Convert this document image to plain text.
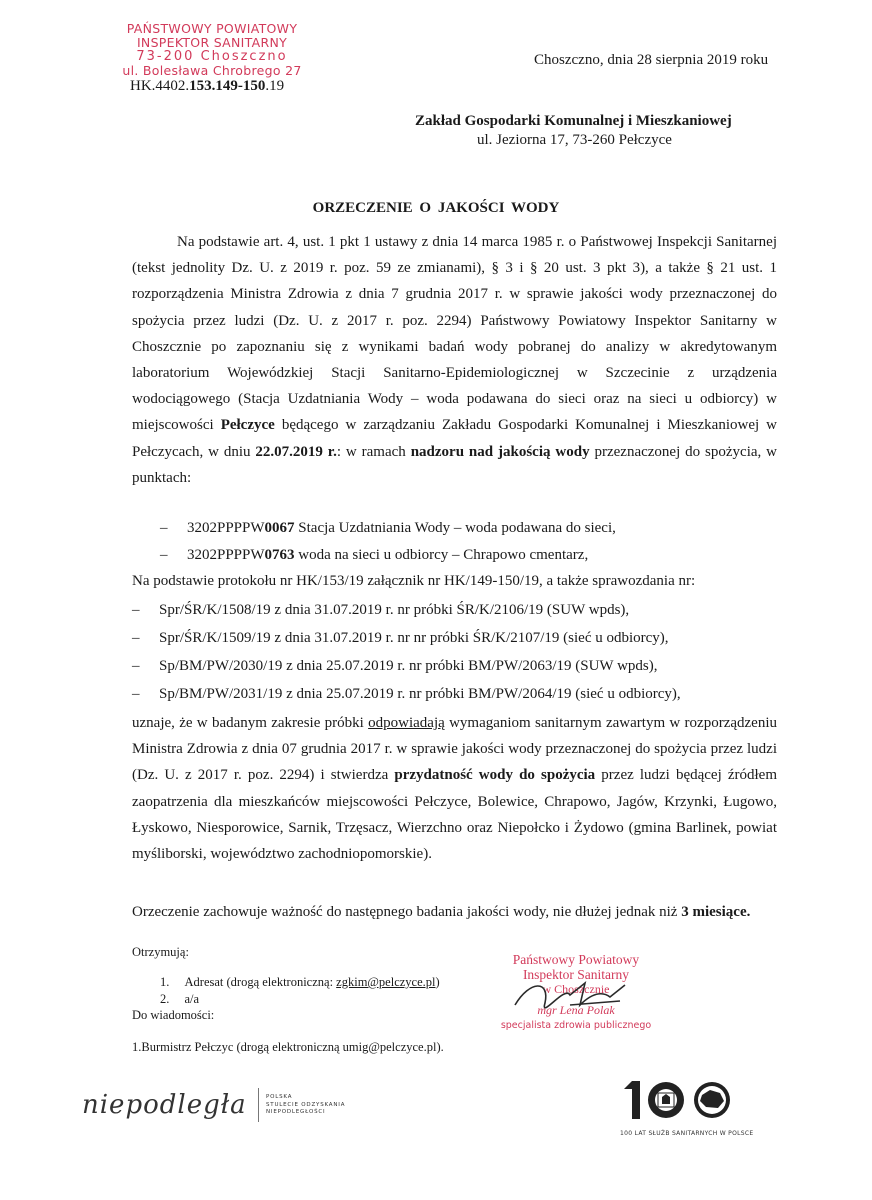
PAŃSTWOWY POWIATOWY
INSPEKTOR SANITARNY
73-200 Choszczno
ul. Bolesława Chrobrego 27
HK.4402.153.149-150.19
Choszczno, dnia 28 sierpnia 2019 roku
Zakład Gospodarki Komunalnej i Mieszkaniowej
ul. Jeziorna 17, 73-260 Pełczyce
ORZECZENIE O JAKOŚCI WODY
Na podstawie art. 4, ust. 1 pkt 1 ustawy z dnia 14 marca 1985 r. o Państwowej Inspekcji Sanitarnej (tekst jednolity Dz. U. z 2019 r. poz. 59 ze zmianami), § 3 i § 20 ust. 3 pkt 3), a także § 21 ust. 1 rozporządzenia Ministra Zdrowia z dnia 7 grudnia 2017 r. w sprawie jakości wody przeznaczonej do spożycia przez ludzi (Dz. U. z 2017 r. poz. 2294) Państwowy Powiatowy Inspektor Sanitarny w Choszcznie po zapoznaniu się z wynikami badań wody pobranej do analizy w akredytowanym laboratorium Wojewódzkiej Stacji Sanitarno-Epidemiologicznej w Szczecinie z urządzenia wodociągowego (Stacja Uzdatniania Wody – woda podawana do sieci oraz na sieci u odbiorcy) w miejscowości Pełczyce będącego w zarządzaniu Zakładu Gospodarki Komunalnej i Mieszkaniowej w Pełczycach, w dniu 22.07.2019 r.: w ramach nadzoru nad jakością wody przeznaczonej do spożycia, w punktach:
– 3202PPPPW0067 Stacja Uzdatniania Wody – woda podawana do sieci,
– 3202PPPPW0763 woda na sieci u odbiorcy – Chrapowo cmentarz,
Na podstawie protokołu nr HK/153/19 załącznik nr HK/149-150/19, a także sprawozdania nr:
– Spr/ŚR/K/1508/19 z dnia 31.07.2019 r. nr próbki ŚR/K/2106/19 (SUW wpds),
– Spr/ŚR/K/1509/19 z dnia 31.07.2019 r. nr nr próbki ŚR/K/2107/19 (sieć u odbiorcy),
– Sp/BM/PW/2030/19 z dnia 25.07.2019 r. nr próbki BM/PW/2063/19 (SUW wpds),
– Sp/BM/PW/2031/19 z dnia 25.07.2019 r. nr próbki BM/PW/2064/19 (sieć u odbiorcy),
uznaje, że w badanym zakresie próbki odpowiadają wymaganiom sanitarnym zawartym w rozporządzeniu Ministra Zdrowia z dnia 07 grudnia 2017 r. w sprawie jakości wody przeznaczonej do spożycia przez ludzi (Dz. U. z 2017 r. poz. 2294) i stwierdza przydatność wody do spożycia przez ludzi będącej źródłem zaopatrzenia dla mieszkańców miejscowości Pełczyce, Bolewice, Chrapowo, Jagów, Krzynki, Ługowo, Łyskowo, Niesporowice, Sarnik, Trzęsacz, Wierzchno oraz Niepołcko i Żydowo (gmina Barlinek, powiat myśliborski, województwo zachodniopomorskie).
Orzeczenie zachowuje ważność do następnego badania jakości wody, nie dłużej jednak niż 3 miesiące.
Otrzymują:
1. Adresat (drogą elektroniczną: zgkim@pelczyce.pl)
2. a/a
Do wiadomości:
1.Burmistrz Pełczyc (drogą elektroniczną umig@pelczyce.pl).
Państwowy Powiatowy
Inspektor Sanitarny
w Choszcznie
mgr Lena Polak
specjalista zdrowia publicznego
niepodległa	POLSKA
STULECIE ODZYSKANIA
NIEPODLEGŁOŚCI
100 LAT SŁUŻB SANITARNYCH W POLSCE
